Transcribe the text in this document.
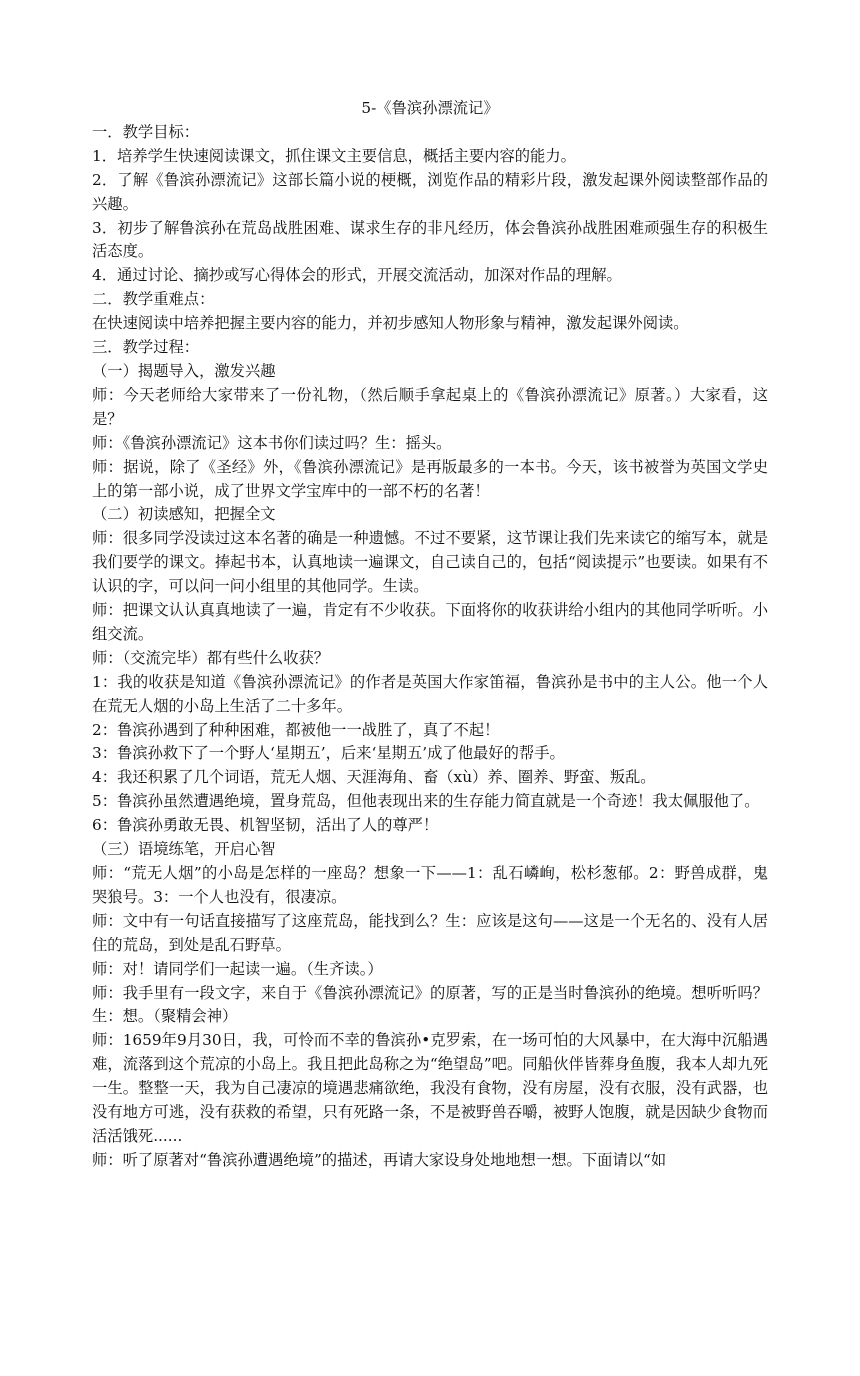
5-《鲁滨孙漂流记》

一．教学目标：

1．培养学生快速阅读课文，抓住课文主要信息，概括主要内容的能力。

2．了解《鲁滨孙漂流记》这部长篇小说的梗概，浏览作品的精彩片段，激发起课外阅读整部作品的兴趣。

3．初步了解鲁滨孙在荒岛战胜困难、谋求生存的非凡经历，体会鲁滨孙战胜困难顽强生存的积极生活态度。

4．通过讨论、摘抄或写心得体会的形式，开展交流活动，加深对作品的理解。

二．教学重难点：

在快速阅读中培养把握主要内容的能力，并初步感知人物形象与精神，激发起课外阅读。

三．教学过程：

（一）揭题导入，激发兴趣

师：今天老师给大家带来了一份礼物，（然后顺手拿起桌上的《鲁滨孙漂流记》原著。）大家看，这是？

师：《鲁滨孙漂流记》这本书你们读过吗？生：摇头。

师：据说，除了《圣经》外，《鲁滨孙漂流记》是再版最多的一本书。今天，该书被誉为英国文学史上的第一部小说，成了世界文学宝库中的一部不朽的名著！

（二）初读感知，把握全文

师：很多同学没读过这本名著的确是一种遗憾。不过不要紧，这节课让我们先来读它的缩写本，就是我们要学的课文。捧起书本，认真地读一遍课文，自己读自己的，包括“阅读提示”也要读。如果有不认识的字，可以问一问小组里的其他同学。生读。

师：把课文认认真真地读了一遍，肯定有不少收获。下面将你的收获讲给小组内的其他同学听听。小组交流。

师：（交流完毕）都有些什么收获？

1：我的收获是知道《鲁滨孙漂流记》的作者是英国大作家笛福，鲁滨孙是书中的主人公。他一个人在荒无人烟的小岛上生活了二十多年。

2：鲁滨孙遇到了种种困难，都被他一一战胜了，真了不起！

3：鲁滨孙救下了一个野人‘星期五’，后来‘星期五’成了他最好的帮手。

4：我还积累了几个词语，荒无人烟、天涯海角、畜（xù）养、圈养、野蛮、叛乱。

5：鲁滨孙虽然遭遇绝境，置身荒岛，但他表现出来的生存能力简直就是一个奇迹！我太佩服他了。

6：鲁滨孙勇敢无畏、机智坚韧，活出了人的尊严！

（三）语境练笔，开启心智

师：“荒无人烟”的小岛是怎样的一座岛？想象一下——1：乱石嶙峋，松杉葱郁。2：野兽成群，鬼哭狼号。3：一个人也没有，很凄凉。

师：文中有一句话直接描写了这座荒岛，能找到么？生：应该是这句——这是一个无名的、没有人居住的荒岛，到处是乱石野草。

师：对！请同学们一起读一遍。（生齐读。）

师：我手里有一段文字，来自于《鲁滨孙漂流记》的原著，写的正是当时鲁滨孙的绝境。想听听吗？生：想。（聚精会神）

师：1659年9月30日，我，可怜而不幸的鲁滨孙•克罗索，在一场可怕的大风暴中，在大海中沉船遇难，流落到这个荒凉的小岛上。我且把此岛称之为“绝望岛”吧。同船伙伴皆葬身鱼腹，我本人却九死一生。整整一天，我为自己凄凉的境遇悲痛欲绝，我没有食物，没有房屋，没有衣服，没有武器，也没有地方可逃，没有获救的希望，只有死路一条，不是被野兽吞嚼，被野人饱腹，就是因缺少食物而活活饿死......

师：听了原著对“鲁滨孙遭遇绝境”的描述，再请大家设身处地地想一想。下面请以“如
